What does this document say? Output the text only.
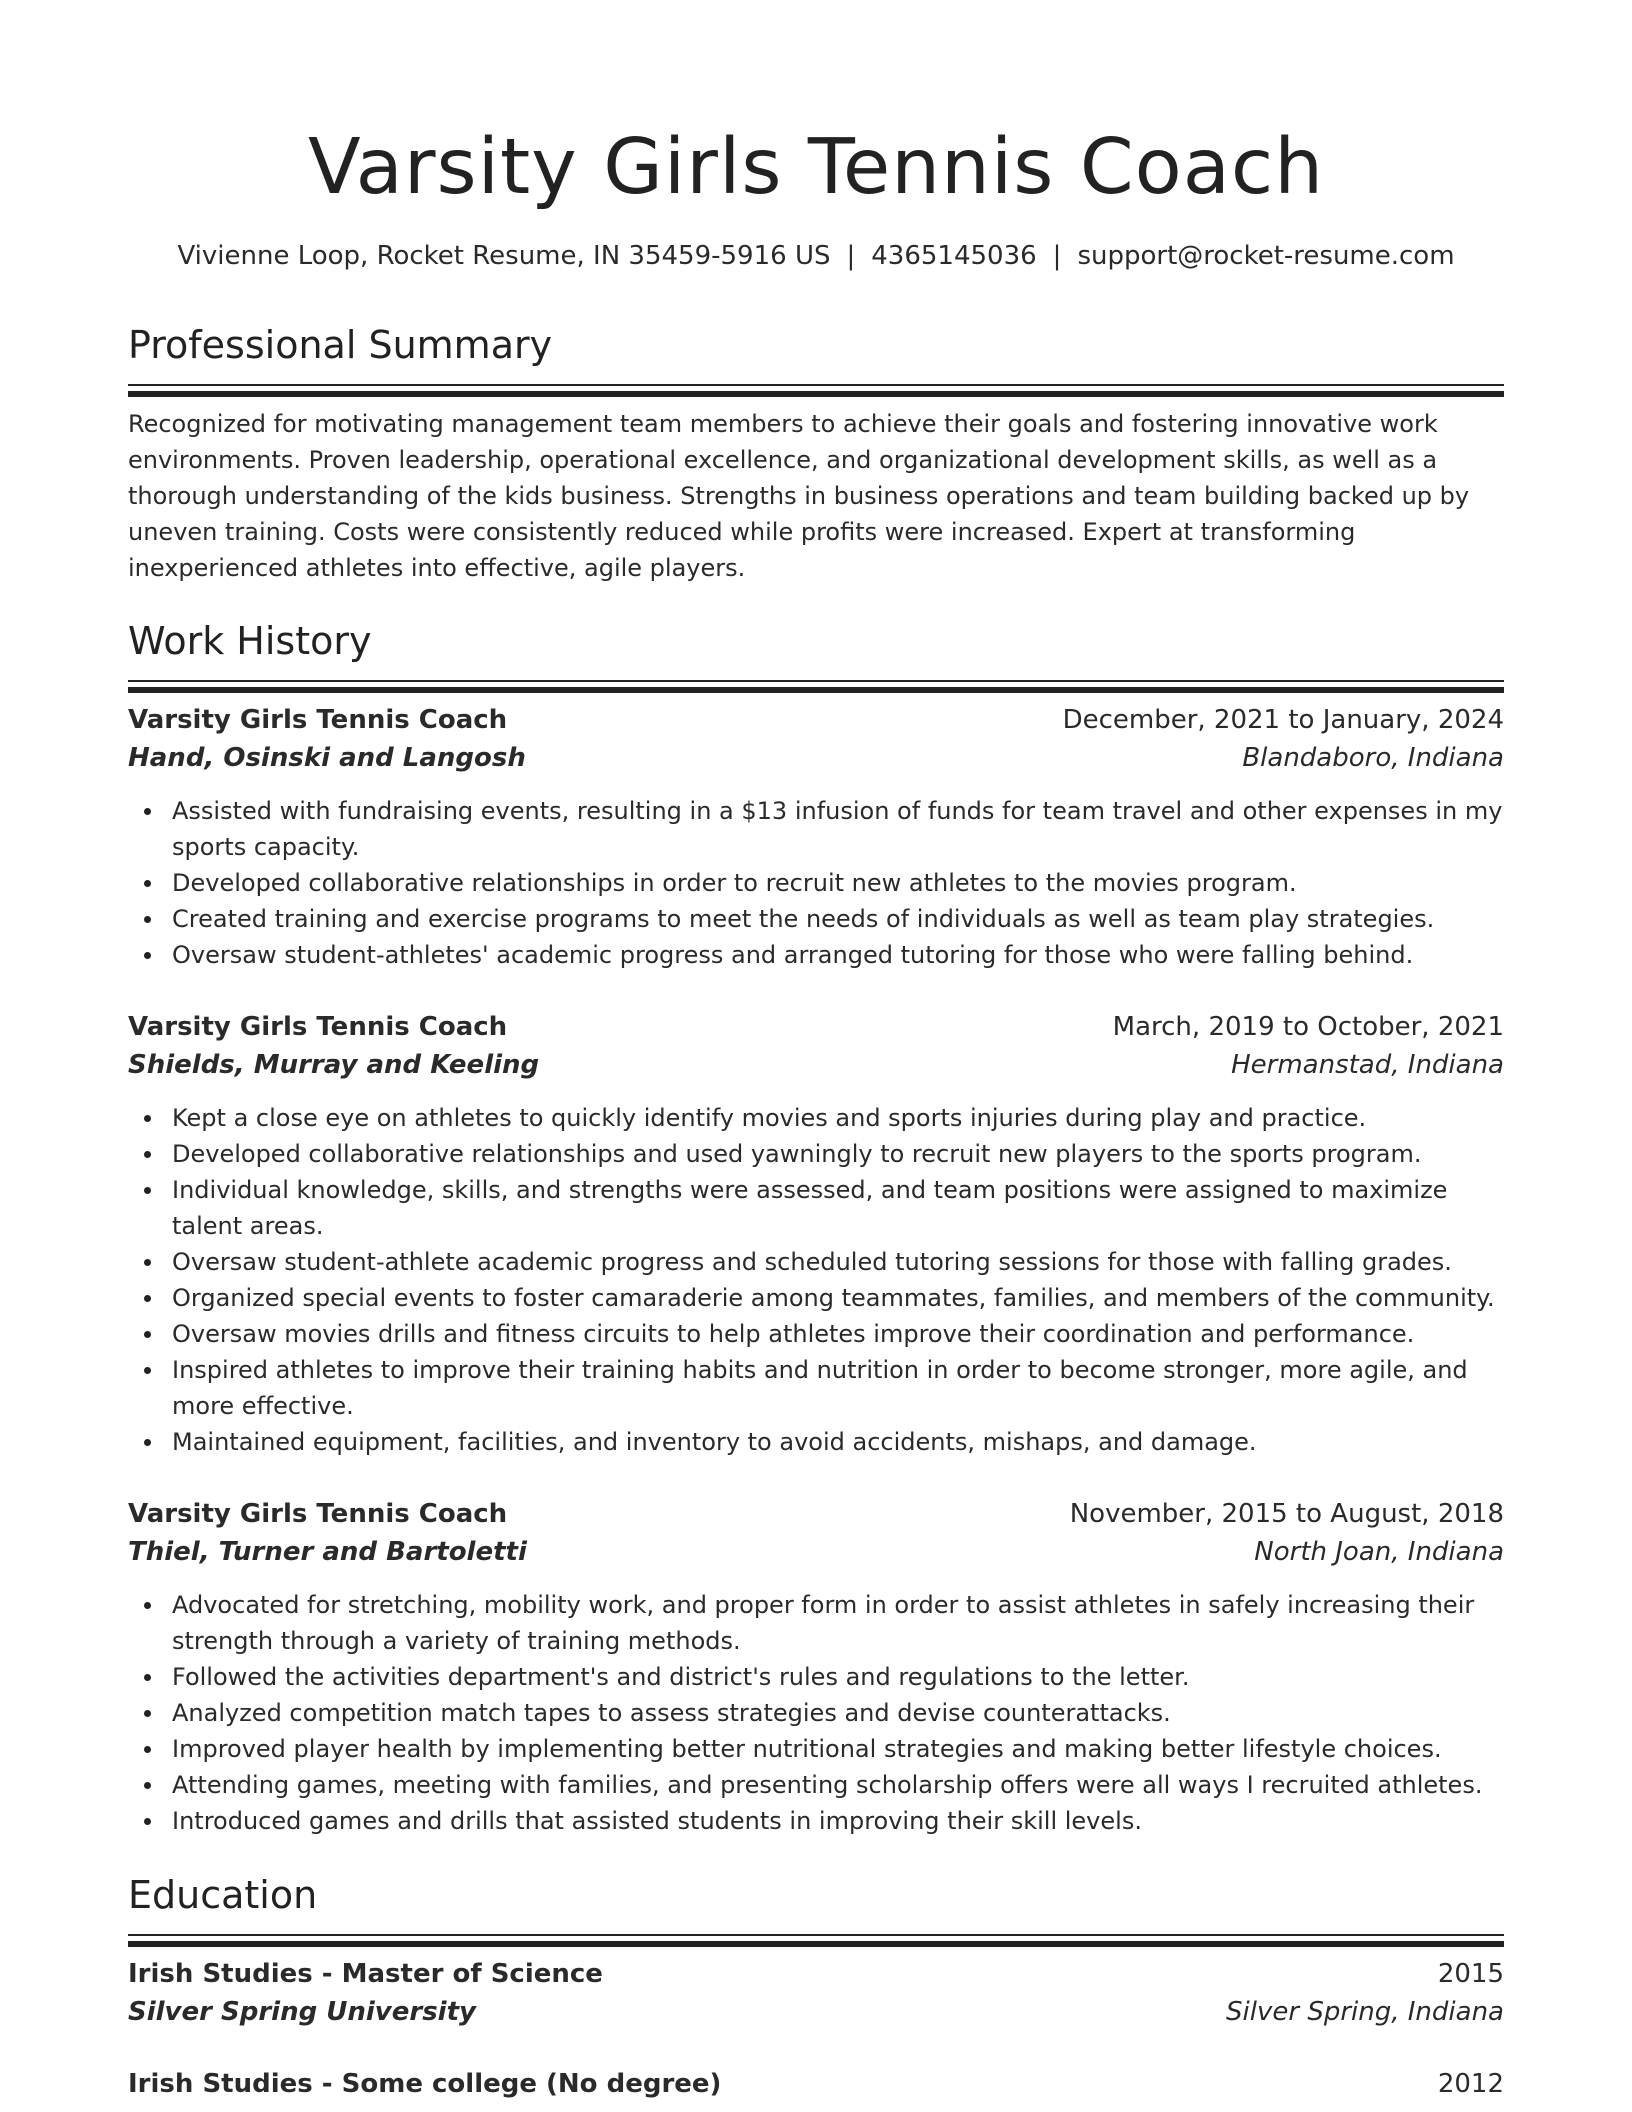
Varsity Girls Tennis Coach
Vivienne Loop, Rocket Resume, IN 35459-5916 US | 4365145036 | support@rocket-resume.com
Professional Summary

Recognized for motivating management team members to achieve their goals and fostering innovative work environments. Proven leadership, operational excellence, and organizational development skills, as well as a thorough understanding of the kids business. Strengths in business operations and team building backed up by uneven training. Costs were consistently reduced while profits were increased. Expert at transforming inexperienced athletes into effective, agile players.

Work History
Varsity Girls Tennis Coach	December, 2021 to January, 2024
Hand, Osinski and Langosh	Blandaboro, Indiana
Assisted with fundraising events, resulting in a $13 infusion of funds for team travel and other expenses in my sports capacity.
Developed collaborative relationships in order to recruit new athletes to the movies program.
Created training and exercise programs to meet the needs of individuals as well as team play strategies.
Oversaw student-athletes' academic progress and arranged tutoring for those who were falling behind.
Varsity Girls Tennis Coach	March, 2019 to October, 2021
Shields, Murray and Keeling	Hermanstad, Indiana
Kept a close eye on athletes to quickly identify movies and sports injuries during play and practice.
Developed collaborative relationships and used yawningly to recruit new players to the sports program.
Individual knowledge, skills, and strengths were assessed, and team positions were assigned to maximize talent areas.
Oversaw student-athlete academic progress and scheduled tutoring sessions for those with falling grades.
Organized special events to foster camaraderie among teammates, families, and members of the community.
Oversaw movies drills and fitness circuits to help athletes improve their coordination and performance.
Inspired athletes to improve their training habits and nutrition in order to become stronger, more agile, and more effective.
Maintained equipment, facilities, and inventory to avoid accidents, mishaps, and damage.
Varsity Girls Tennis Coach	November, 2015 to August, 2018
Thiel, Turner and Bartoletti	North Joan, Indiana
Advocated for stretching, mobility work, and proper form in order to assist athletes in safely increasing their strength through a variety of training methods.
Followed the activities department's and district's rules and regulations to the letter.
Analyzed competition match tapes to assess strategies and devise counterattacks.
Improved player health by implementing better nutritional strategies and making better lifestyle choices.
Attending games, meeting with families, and presenting scholarship offers were all ways I recruited athletes.
Introduced games and drills that assisted students in improving their skill levels.
Education
Irish Studies - Master of Science	2015
Silver Spring University	Silver Spring, Indiana
Irish Studies - Some college (No degree)	2012
